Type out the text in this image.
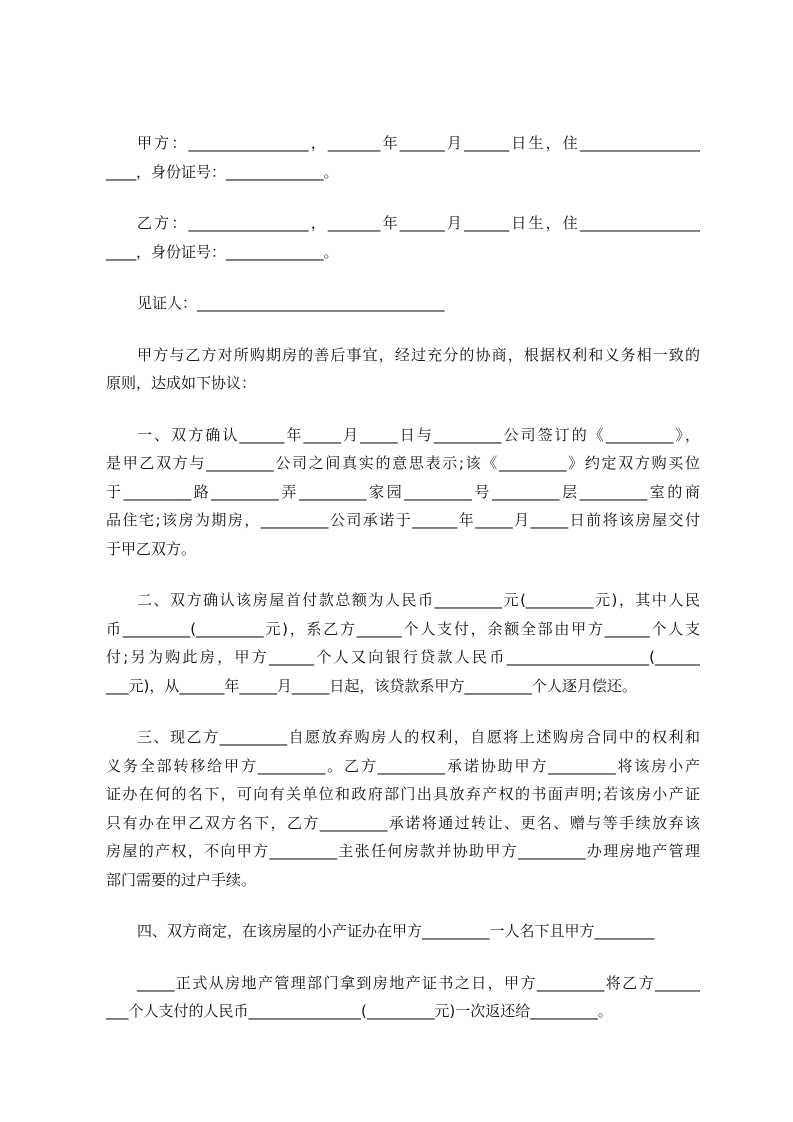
甲方：________________，_______年______月______日生，住________________
____，身份证号：_____________。
乙方：________________，_______年______月______日生，住________________
____，身份证号：_____________。
见证人：_________________________________
甲方与乙方对所购期房的善后事宜，经过充分的协商，根据权利和义务相一致的
原则，达成如下协议：
一、双方确认______年_____月_____日与_________公司签订的《_________》，
是甲乙双方与_________公司之间真实的意思表示;该《_________》约定双方购买位
于_________路_________弄_________家园_________号_________层_________室的商
品住宅;该房为期房，_________公司承诺于______年_____月_____日前将该房屋交付
于甲乙双方。
二、双方确认该房屋首付款总额为人民币_________元(_________元)，其中人民
币_________(_________元)，系乙方______个人支付，余额全部由甲方______个人支
付;另为购此房，甲方______个人又向银行贷款人民币___________________(______
___元)，从______年_____月_____日起，该贷款系甲方_________个人逐月偿还。
三、现乙方_________自愿放弃购房人的权利，自愿将上述购房合同中的权利和
义务全部转移给甲方_________。乙方_________承诺协助甲方_________将该房小产
证办在何的名下，可向有关单位和政府部门出具放弃产权的书面声明;若该房小产证
只有办在甲乙双方名下，乙方_________承诺将通过转让、更名、赠与等手续放弃该
房屋的产权，不向甲方_________主张任何房款并协助甲方_________办理房地产管理
部门需要的过户手续。
四、双方商定，在该房屋的小产证办在甲方_________一人名下且甲方________
_____正式从房地产管理部门拿到房地产证书之日，甲方_________将乙方______
___个人支付的人民币_______________(_________元)一次返还给_________。
